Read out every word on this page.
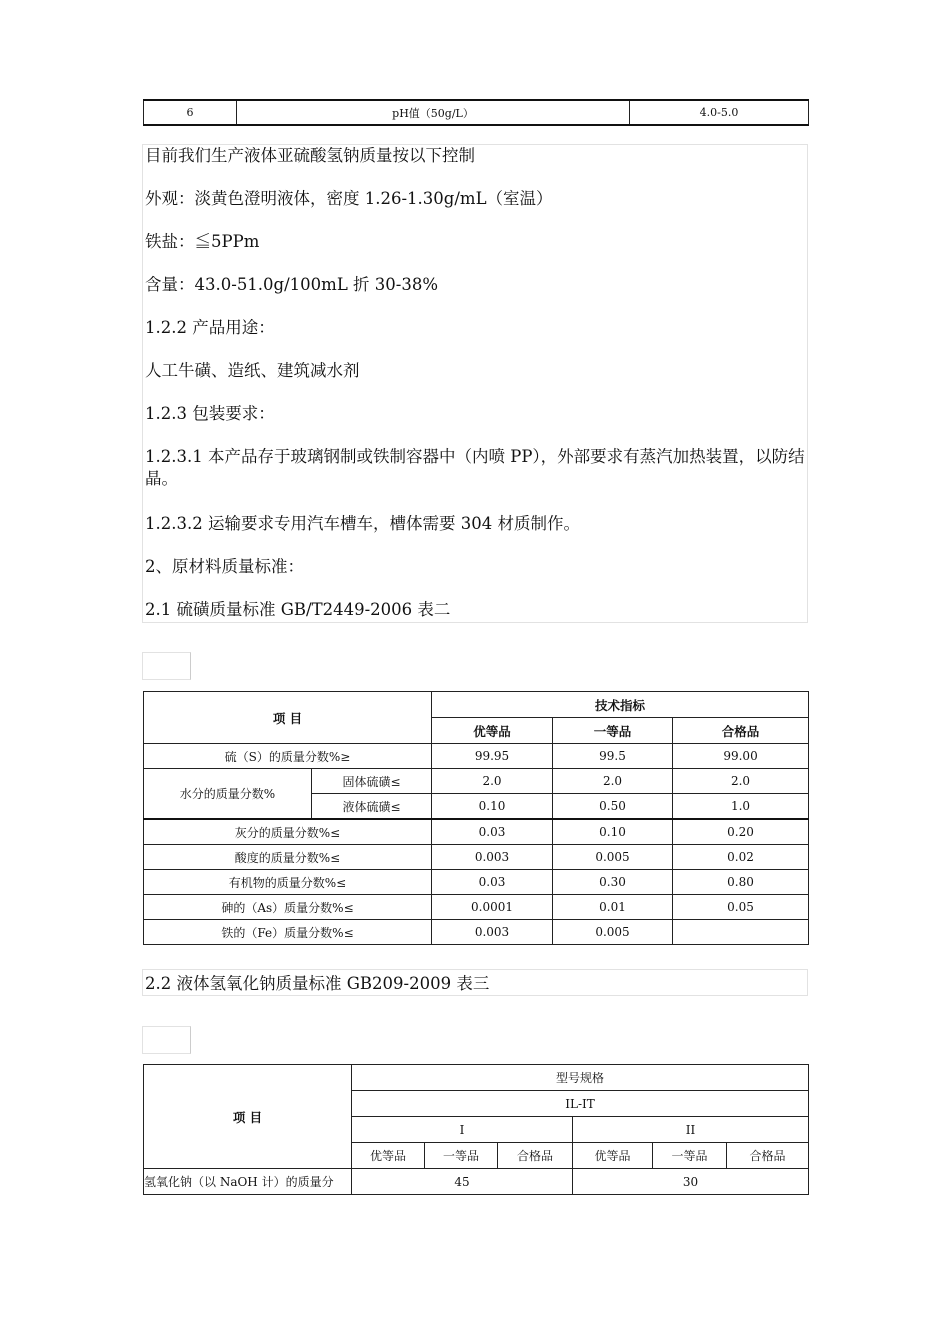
6	pH值（50g/L）	4.0-5.0

目前我们生产液体亚硫酸氢钠质量按以下控制

外观：淡黄色澄明液体，密度 1.26-1.30g/mL（室温）

铁盐：≦5PPm

含量：43.0-51.0g/100mL 折 30-38%

1.2.2 产品用途：

人工牛磺、造纸、建筑减水剂

1.2.3 包装要求：

1.2.3.1 本产品存于玻璃钢制或铁制容器中（内喷 PP），外部要求有蒸汽加热装置，以防结晶。

1.2.3.2 运输要求专用汽车槽车，槽体需要 304 材质制作。

2、原材料质量标准：

2.1 硫磺质量标准 GB/T2449-2006 表二

项 目		技术指标		
		优等品	一等品	合格品
硫（S）的质量分数%≥		99.95	99.5	99.00
水分的质量分数%	固体硫磺≤	2.0	2.0	2.0
	液体硫磺≤	0.10	0.50	1.0
灰分的质量分数%≤		0.03	0.10	0.20
酸度的质量分数%≤		0.003	0.005	0.02
有机物的质量分数%≤		0.03	0.30	0.80
砷的（As）质量分数%≤		0.0001	0.01	0.05
铁的（Fe）质量分数%≤		0.003	0.005	
2.2 液体氢氧化钠质量标准 GB209-2009 表三
项 目	型号规格					
	IL-IT					
	I			II		
	优等品	一等品	合格品	优等品	一等品	合格品
氢氧化钠（以 NaOH 计）的质量分	45			30		
